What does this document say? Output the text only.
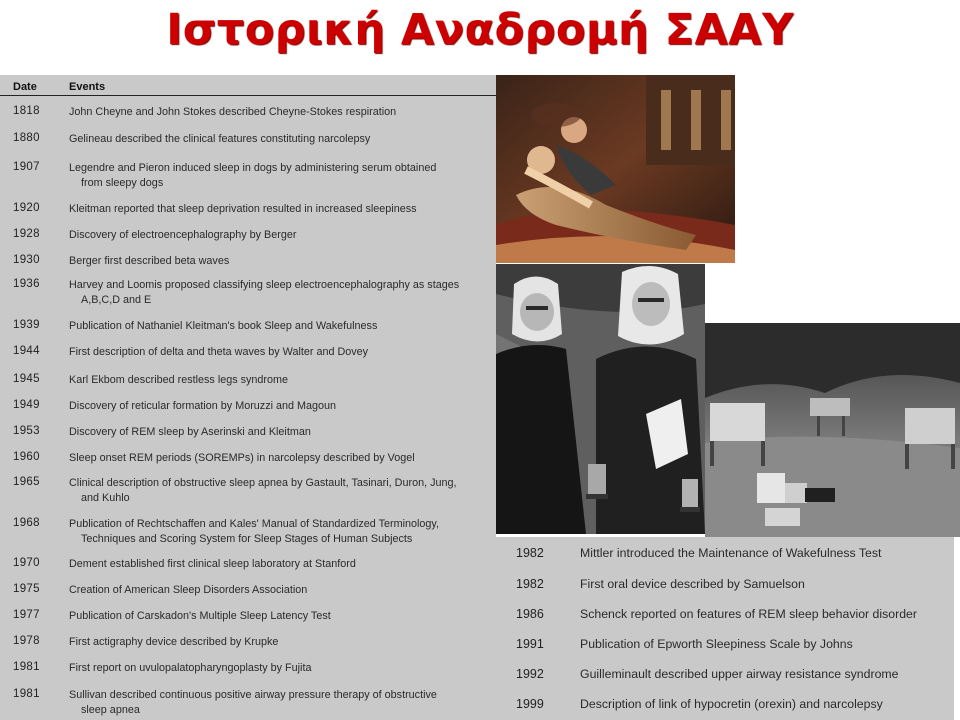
Ιστορική Αναδρομή ΣΑΑΥ
Date	Events
1818	John Cheyne and John Stokes described Cheyne-Stokes respiration
1880	Gelineau described the clinical features constituting narcolepsy
1907	Legendre and Pieron induced sleep in dogs by administering serum obtained
from sleepy dogs
1920	Kleitman reported that sleep deprivation resulted in increased sleepiness
1928	Discovery of electroencephalography by Berger
1930	Berger first described beta waves
1936	Harvey and Loomis proposed classifying sleep electroencephalography as stages
A,B,C,D and E
1939	Publication of Nathaniel Kleitman's book Sleep and Wakefulness
1944	First description of delta and theta waves by Walter and Dovey
1945	Karl Ekbom described restless legs syndrome
1949	Discovery of reticular formation by Moruzzi and Magoun
1953	Discovery of REM sleep by Aserinski and Kleitman
1960	Sleep onset REM periods (SOREMPs) in narcolepsy described by Vogel
1965	Clinical description of obstructive sleep apnea by Gastault, Tasinari, Duron, Jung,
and Kuhlo
1968	Publication of Rechtschaffen and Kales' Manual of Standardized Terminology,
Techniques and Scoring System for Sleep Stages of Human Subjects
1970	Dement established first clinical sleep laboratory at Stanford
1975	Creation of American Sleep Disorders Association
1977	Publication of Carskadon's Multiple Sleep Latency Test
1978	First actigraphy device described by Krupke
1981	First report on uvulopalatopharyngoplasty by Fujita
1981	Sullivan described continuous positive airway pressure therapy of obstructive
sleep apnea
1982	Mittler introduced the Maintenance of Wakefulness Test
1982	First oral device described by Samuelson
1986	Schenck reported on features of REM sleep behavior disorder
1991	Publication of Epworth Sleepiness Scale by Johns
1992	Guilleminault described upper airway resistance syndrome
1999	Description of link of hypocretin (orexin) and narcolepsy
